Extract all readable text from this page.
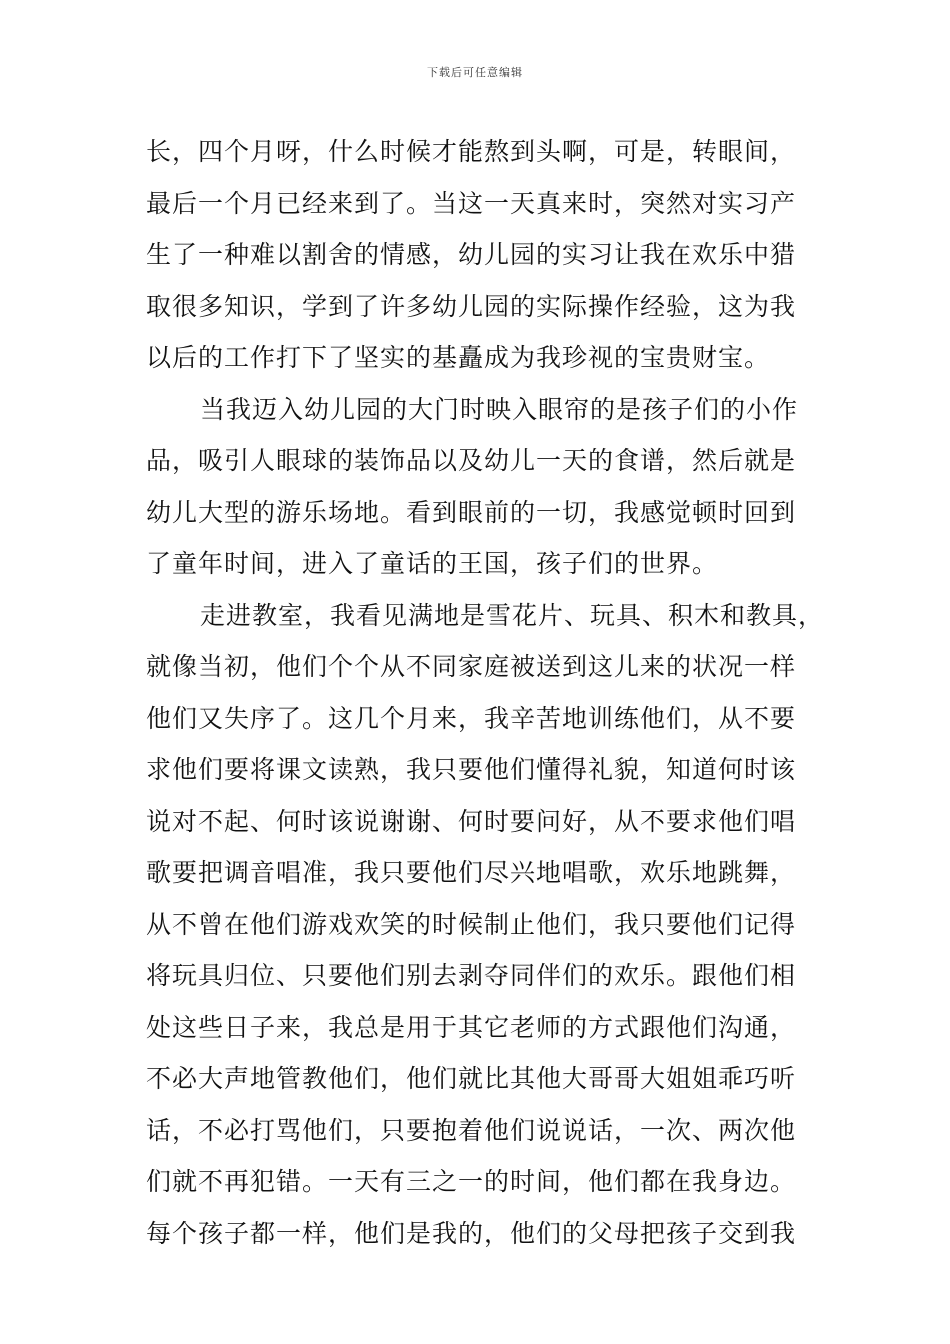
下载后可任意编辑
长，四个月呀，什么时候才能熬到头啊，可是，转眼间，
最后一个月已经来到了。当这一天真来时，突然对实习产
生了一种难以割舍的情感，幼儿园的实习让我在欢乐中猎
取很多知识，学到了许多幼儿园的实际操作经验，这为我
以后的工作打下了坚实的基矗成为我珍视的宝贵财宝。
当我迈入幼儿园的大门时映入眼帘的是孩子们的小作
品，吸引人眼球的装饰品以及幼儿一天的食谱，然后就是
幼儿大型的游乐场地。看到眼前的一切，我感觉顿时回到
了童年时间，进入了童话的王国，孩子们的世界。
走进教室，我看见满地是雪花片、玩具、积木和教具，
就像当初，他们个个从不同家庭被送到这儿来的状况一样
他们又失序了。这几个月来，我辛苦地训练他们，从不要
求他们要将课文读熟，我只要他们懂得礼貌，知道何时该
说对不起、何时该说谢谢、何时要问好，从不要求他们唱
歌要把调音唱准，我只要他们尽兴地唱歌，欢乐地跳舞，
从不曾在他们游戏欢笑的时候制止他们，我只要他们记得
将玩具归位、只要他们别去剥夺同伴们的欢乐。跟他们相
处这些日子来，我总是用于其它老师的方式跟他们沟通，
不必大声地管教他们，他们就比其他大哥哥大姐姐乖巧听
话，不必打骂他们，只要抱着他们说说话，一次、两次他
们就不再犯错。一天有三之一的时间，他们都在我身边。
每个孩子都一样，他们是我的，他们的父母把孩子交到我
